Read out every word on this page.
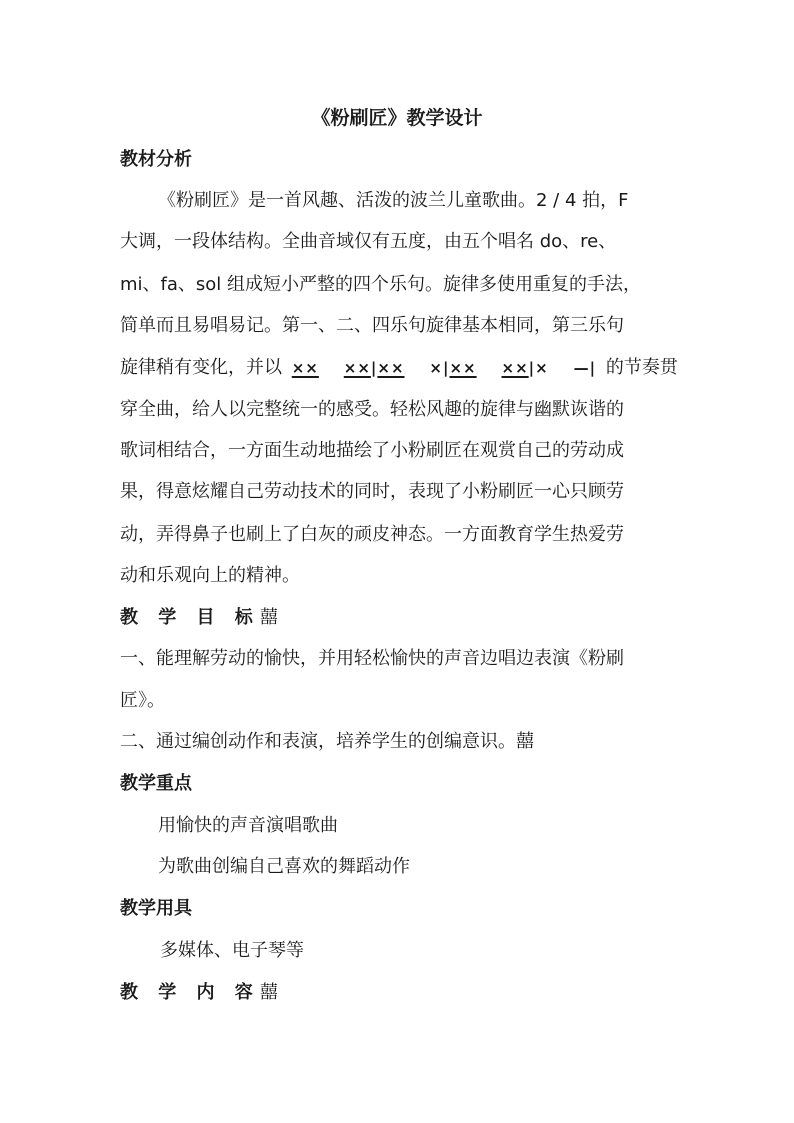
《粉刷匠》教学设计
教材分析
《粉刷匠》是一首风趣、活泼的波兰儿童歌曲。2 / 4 拍，F
大调，一段体结构。全曲音域仅有五度，由五个唱名 do、re、
mi、fa、sol 组成短小严整的四个乐句。旋律多使用重复的手法，
简单而且易唱易记。第一、二、四乐句旋律基本相同，第三乐句
旋律稍有变化，并以 ×× ××|×× ×|×× ××|× —| 的节奏贯
穿全曲，给人以完整统一的感受。轻松风趣的旋律与幽默诙谐的
歌词相结合，一方面生动地描绘了小粉刷匠在观赏自己的劳动成
果，得意炫耀自己劳动技术的同时，表现了小粉刷匠一心只顾劳
动，弄得鼻子也刷上了白灰的顽皮神态。一方面教育学生热爱劳
动和乐观向上的精神。
教 学 目 标囍
一、能理解劳动的愉快，并用轻松愉快的声音边唱边表演《粉刷
匠》。
二、通过编创动作和表演，培养学生的创编意识。囍
教学重点
用愉快的声音演唱歌曲
为歌曲创编自己喜欢的舞蹈动作
教学用具
多媒体、电子琴等
教 学 内 容囍
